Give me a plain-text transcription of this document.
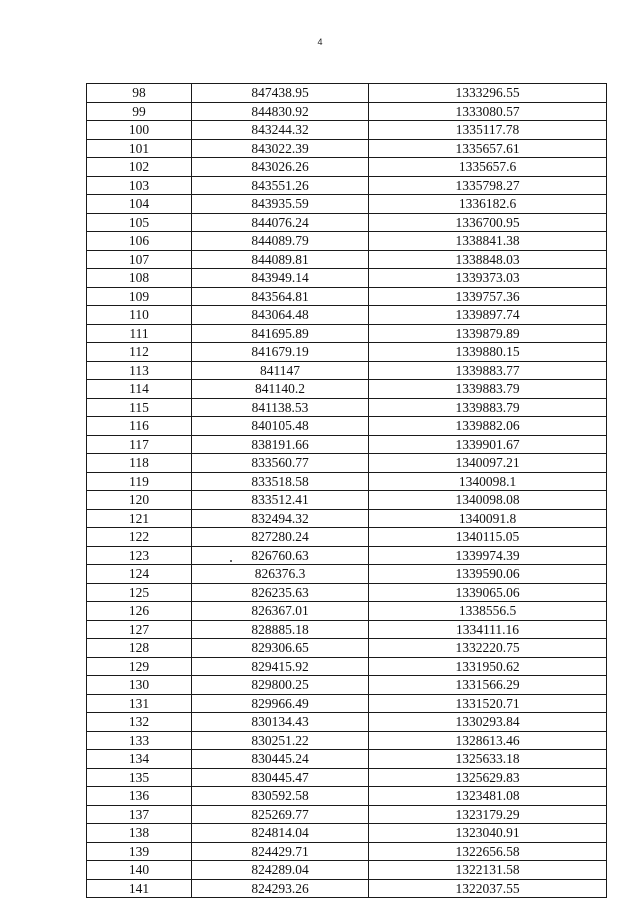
4
98	847438.95	1333296.55
99	844830.92	1333080.57
100	843244.32	1335117.78
101	843022.39	1335657.61
102	843026.26	1335657.6
103	843551.26	1335798.27
104	843935.59	1336182.6
105	844076.24	1336700.95
106	844089.79	1338841.38
107	844089.81	1338848.03
108	843949.14	1339373.03
109	843564.81	1339757.36
110	843064.48	1339897.74
111	841695.89	1339879.89
112	841679.19	1339880.15
113	841147	1339883.77
114	841140.2	1339883.79
115	841138.53	1339883.79
116	840105.48	1339882.06
117	838191.66	1339901.67
118	833560.77	1340097.21
119	833518.58	1340098.1
120	833512.41	1340098.08
121	832494.32	1340091.8
122	827280.24	1340115.05
123	826760.63	1339974.39
124	826376.3	1339590.06
125	826235.63	1339065.06
126	826367.01	1338556.5
127	828885.18	1334111.16
128	829306.65	1332220.75
129	829415.92	1331950.62
130	829800.25	1331566.29
131	829966.49	1331520.71
132	830134.43	1330293.84
133	830251.22	1328613.46
134	830445.24	1325633.18
135	830445.47	1325629.83
136	830592.58	1323481.08
137	825269.77	1323179.29
138	824814.04	1323040.91
139	824429.71	1322656.58
140	824289.04	1322131.58
141	824293.26	1322037.55
